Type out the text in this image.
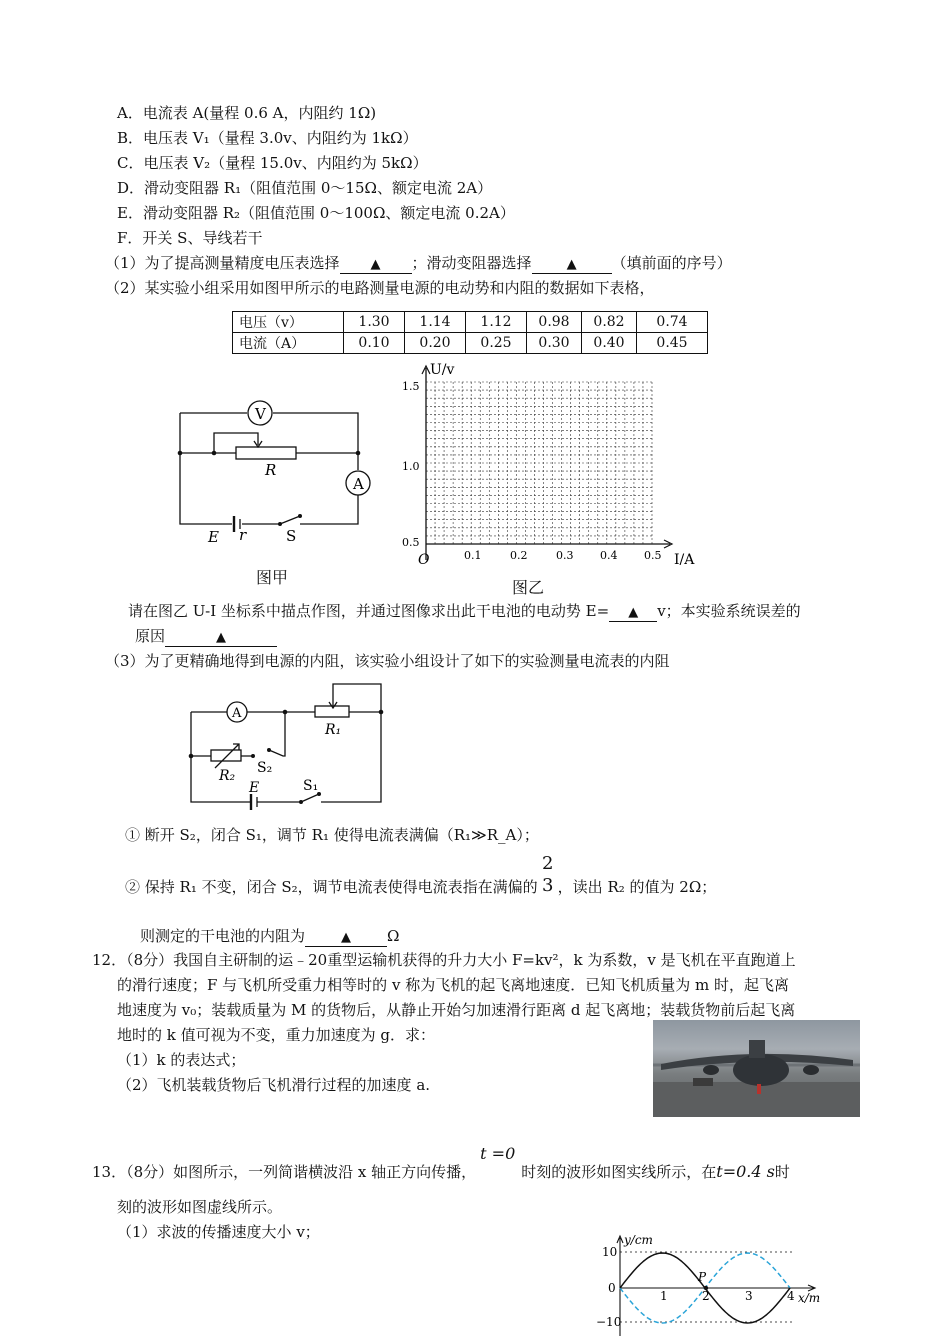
A．电流表 A(量程 0.6 A，内阻约 1Ω)
B．电压表 V₁（量程 3.0v、内阻约为 1kΩ）
C．电压表 V₂（量程 15.0v、内阻约为 5kΩ）
D．滑动变阻器 R₁（阻值范围 0～15Ω、额定电流 2A）
E．滑动变阻器 R₂（阻值范围 0～100Ω、额定电流 0.2A）
F．开关 S、导线若干
（1）为了提高测量精度电压表选择 ▲ ；滑动变阻器选择	▲ （填前面的序号）
（2）某实验小组采用如图甲所示的电路测量电源的电动势和内阻的数据如下表格，
电压（v）	1.30	1.14	1.12	0.98	0.82	0.74
电流（A）	0.10	0.20	0.25	0.30	0.40	0.45
V
A
R
E r	S
图甲
U/v
I/A
O
1.5
1.0
0.5
0.1	0.2	0.3 0.4 0.5
图乙
请在图乙 U-I 坐标系中描点作图，并通过图像求出此干电池的电动势 E= ▲ v；本实验系统误差的
原因	▲
（3）为了更精确地得到电源的内阻，该实验小组设计了如下的实验测量电流表的内阻
A
R₁
R₂ S₂
E	S₁
① 断开 S₂，闭合 S₁，调节 R₁ 使得电流表满偏（R₁≫R_A）；
② 保持 R₁ 不变，闭合 S₂，调节电流表使得电流表指在满偏的
2
3 ，读出 R₂ 的值为 2Ω；
则测定的干电池的内阻为	▲ Ω
12．（8分）我国自主研制的运﹣20重型运输机获得的升力大小 F=kv²，k 为系数，v 是飞机在平直跑道上
的滑行速度；F 与飞机所受重力相等时的 v 称为飞机的起飞离地速度．已知飞机质量为 m 时，起飞离
地速度为 v₀；装载质量为 M 的货物后，从静止开始匀加速滑行距离 d 起飞离地；装载货物前后起飞离
地时的 k 值可视为不变，重力加速度为 g．求：
（1）k 的表达式；
（2）飞机装载货物后飞机滑行过程的加速度 a.
13．（8分）如图所示，一列简谐横波沿 x 轴正方向传播，t =0时刻的波形如图实线所示，在t=0.4 s时
刻的波形如图虚线所示。
（1）求波的传播速度大小 v；	y/cm
x/m
10
0
−10
1	2	3	4
P
